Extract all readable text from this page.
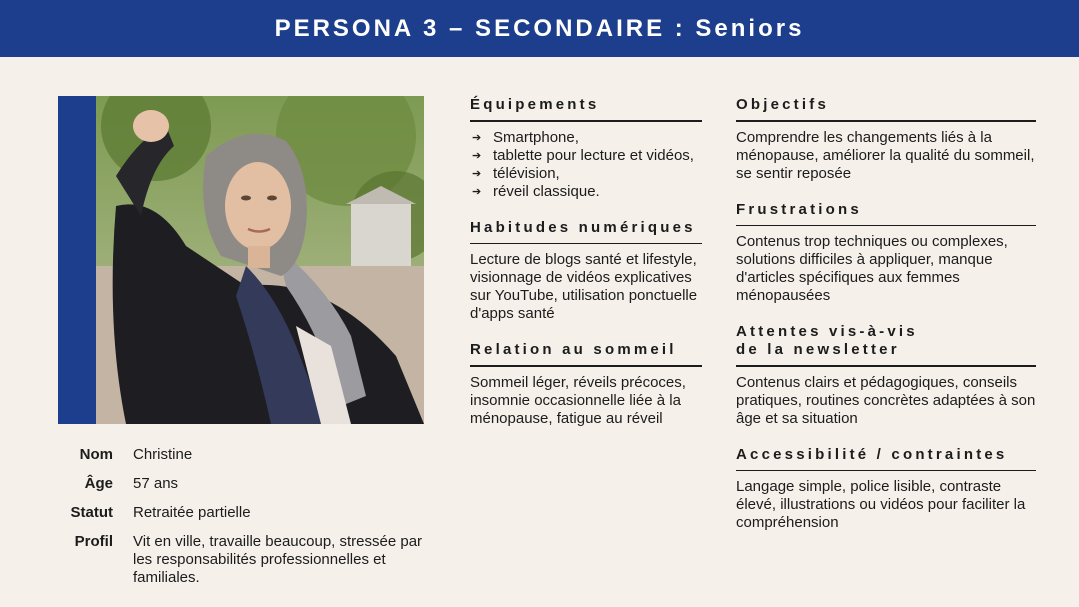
PERSONA 3 – SECONDAIRE : Seniors
Nom Christine
Âge 57 ans
Statut Retraitée partielle
Profil Vit en ville, travaille beaucoup, stressée par les responsabilités professionnelles et familiales.
Équipements
➔ Smartphone,
➔ tablette pour lecture et vidéos,
➔ télévision,
➔ réveil classique.
Habitudes numériques
Lecture de blogs santé et lifestyle, visionnage de vidéos explicatives sur YouTube, utilisation ponctuelle d'apps santé
Relation au sommeil
Sommeil léger, réveils précoces, insomnie occasionnelle liée à la ménopause, fatigue au réveil
Objectifs
Comprendre les changements liés à la ménopause, améliorer la qualité du sommeil, se sentir reposée
Frustrations
Contenus trop techniques ou complexes, solutions difficiles à appliquer, manque d'articles spécifiques aux femmes ménopausées
Attentes vis-à-vis
de la newsletter
Contenus clairs et pédagogiques, conseils pratiques, routines concrètes adaptées à son âge et sa situation
Accessibilité / contraintes
Langage simple, police lisible, contraste élevé, illustrations ou vidéos pour faciliter la compréhension
